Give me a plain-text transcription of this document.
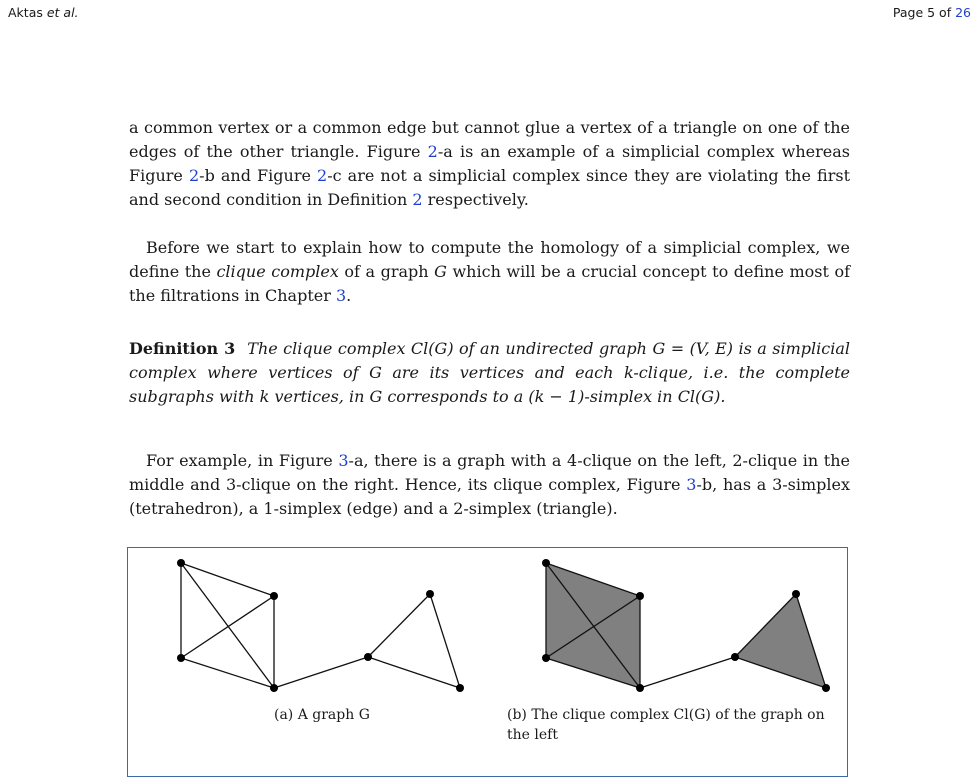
Aktas et al.	Page 5 of 26

a common vertex or a common edge but cannot glue a vertex of a triangle on one of the edges of the other triangle. Figure 2-a is an example of a simplicial complex whereas Figure 2-b and Figure 2-c are not a simplicial complex since they are violating the first and second condition in Definition 2 respectively.

Before we start to explain how to compute the homology of a simplicial complex, we define the clique complex of a graph G which will be a crucial concept to define most of the filtrations in Chapter 3.

Definition 3 The clique complex Cl(G) of an undirected graph G = (V, E) is a simplicial complex where vertices of G are its vertices and each k-clique, i.e. the complete subgraphs with k vertices, in G corresponds to a (k − 1)-simplex in Cl(G).

For example, in Figure 3-a, there is a graph with a 4-clique on the left, 2-clique in the middle and 3-clique on the right. Hence, its clique complex, Figure 3-b, has a 3-simplex (tetrahedron), a 1-simplex (edge) and a 2-simplex (triangle).

(a) A graph G	(b) The clique complex Cl(G) of the graph on the left
